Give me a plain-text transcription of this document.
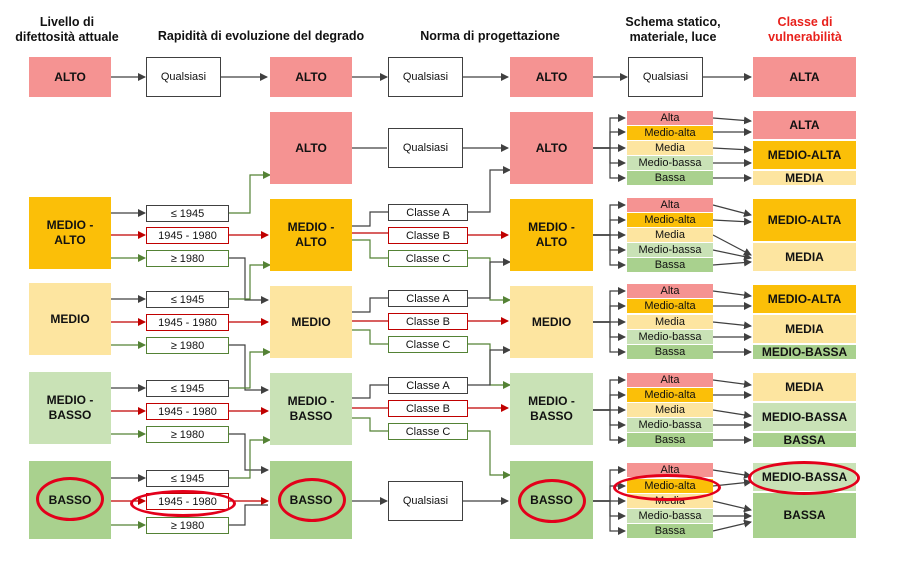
Livello di
difettosità attuale	Rapidità di evoluzione del degrado	Norma di progettazione
Schema statico,
materiale, luce
Classe di
vulnerabilità
ALTO
MEDIO -
ALTO
MEDIO
MEDIO -
BASSO
BASSO
Qualsiasi
≤ 1945
1945 - 1980
≥ 1980
≤ 1945
1945 - 1980
≥ 1980
≤ 1945
1945 - 1980
≥ 1980
≤ 1945
1945 - 1980
≥ 1980
ALTO
ALTO
MEDIO -
ALTO
MEDIO
MEDIO -
BASSO
BASSO
Qualsiasi
Qualsiasi
Classe A
Classe B
Classe C
Classe A
Classe B
Classe C
Classe A
Classe B
Classe C
Qualsiasi
ALTO
ALTO
MEDIO -
ALTO
MEDIO
MEDIO -
BASSO
BASSO
Qualsiasi
Alta
Medio-alta
Media
Medio-bassa
Bassa
Alta
Medio-alta
Media
Medio-bassa
Bassa
Alta
Medio-alta
Media
Medio-bassa
Bassa
Alta
Medio-alta
Media
Medio-bassa
Bassa
Alta
Medio-alta
Media
Medio-bassa
Bassa
ALTA
ALTA
MEDIO-ALTA
MEDIA
MEDIO-ALTA
MEDIA
MEDIO-ALTA
MEDIA
MEDIO-BASSA
MEDIA
MEDIO-BASSA
BASSA
MEDIO-BASSA
BASSA
